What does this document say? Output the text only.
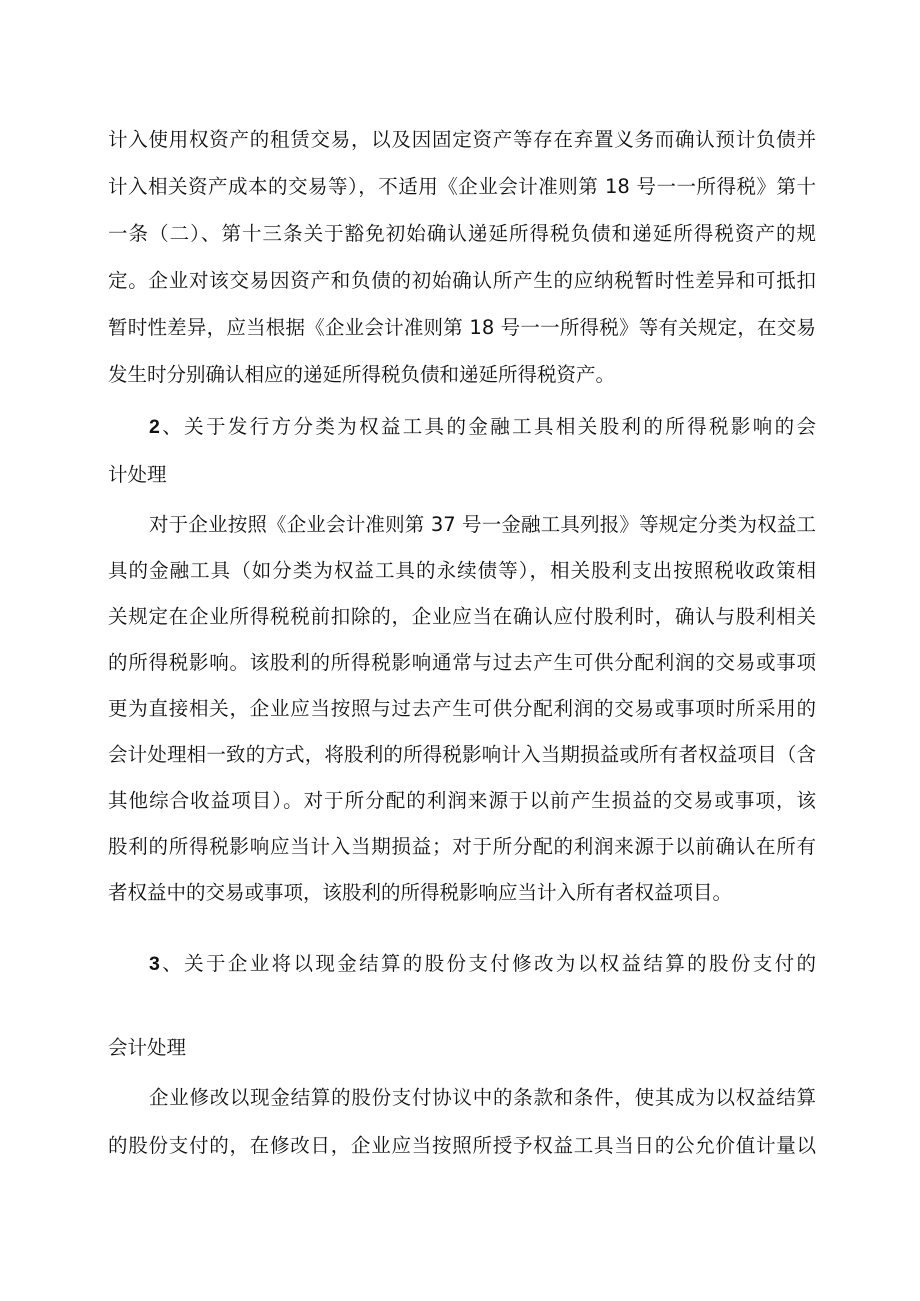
计入使用权资产的租赁交易，以及因固定资产等存在弃置义务而确认预计负债并
计入相关资产成本的交易等），不适用《企业会计准则第 18 号一一所得税》第十
一条（二）、第十三条关于豁免初始确认递延所得税负债和递延所得税资产的规
定。企业对该交易因资产和负债的初始确认所产生的应纳税暂时性差异和可抵扣
暂时性差异，应当根据《企业会计准则第 18 号一一所得税》等有关规定，在交易
发生时分别确认相应的递延所得税负债和递延所得税资产。
2、关于发行方分类为权益工具的金融工具相关股利的所得税影响的会
计处理
对于企业按照《企业会计准则第 37 号一金融工具列报》等规定分类为权益工
具的金融工具（如分类为权益工具的永续债等），相关股利支出按照税收政策相
关规定在企业所得税税前扣除的，企业应当在确认应付股利时，确认与股利相关
的所得税影响。该股利的所得税影响通常与过去产生可供分配利润的交易或事项
更为直接相关，企业应当按照与过去产生可供分配利润的交易或事项时所采用的
会计处理相一致的方式，将股利的所得税影响计入当期损益或所有者权益项目（含
其他综合收益项目）。对于所分配的利润来源于以前产生损益的交易或事项，该
股利的所得税影响应当计入当期损益；对于所分配的利润来源于以前确认在所有
者权益中的交易或事项，该股利的所得税影响应当计入所有者权益项目。
3、关于企业将以现金结算的股份支付修改为以权益结算的股份支付的
会计处理
企业修改以现金结算的股份支付协议中的条款和条件，使其成为以权益结算
的股份支付的，在修改日，企业应当按照所授予权益工具当日的公允价值计量以
